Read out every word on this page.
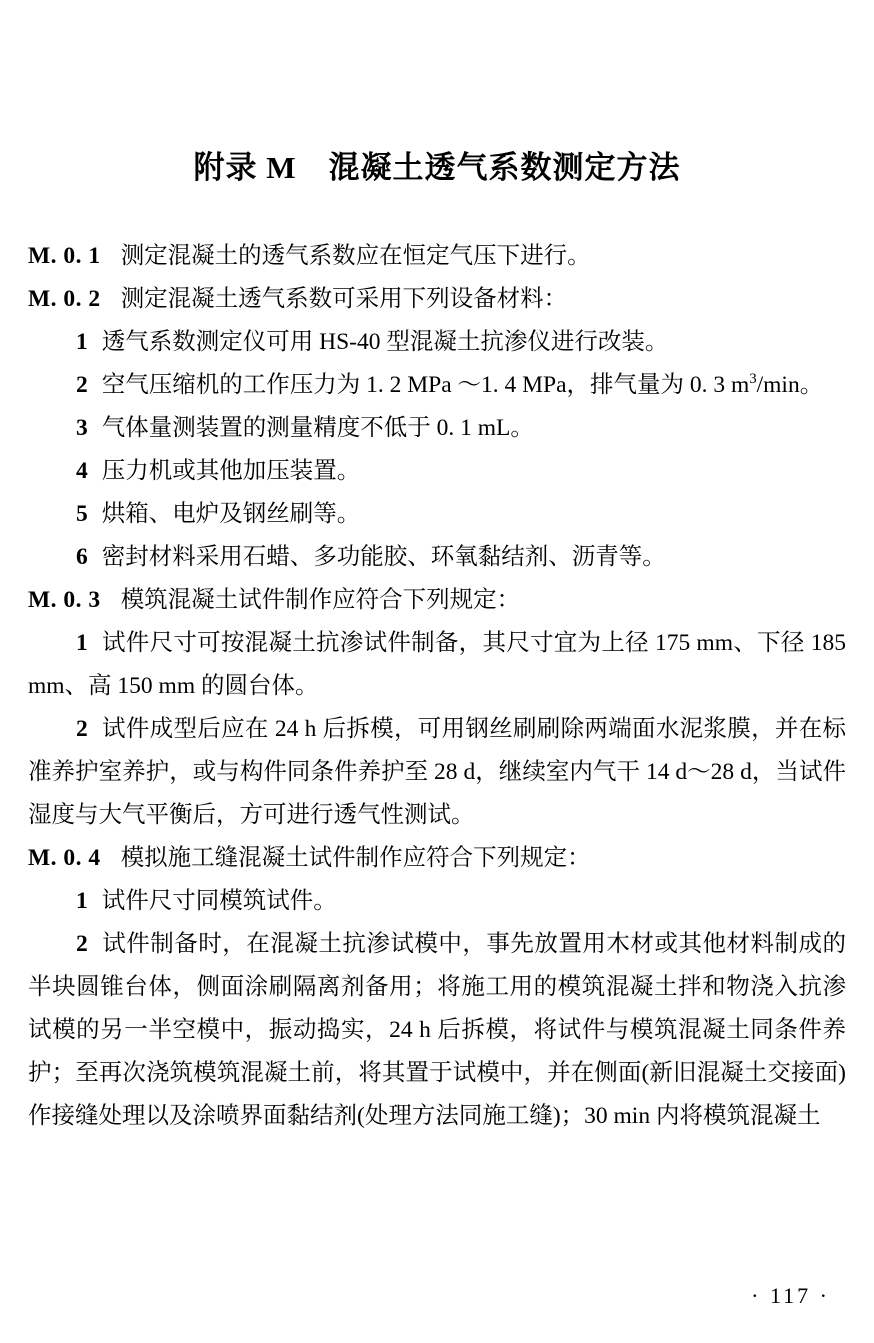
附录 M　混凝土透气系数测定方法

M. 0. 1 测定混凝土的透气系数应在恒定气压下进行。

M. 0. 2 测定混凝土透气系数可采用下列设备材料：

1 透气系数测定仪可用 HS-40 型混凝土抗渗仪进行改装。

2 空气压缩机的工作压力为 1. 2 MPa ～1. 4 MPa，排气量为 0. 3 $m^3/\min$。

3 气体量测装置的测量精度不低于 0. 1 mL。

4 压力机或其他加压装置。

5 烘箱、电炉及钢丝刷等。

6 密封材料采用石蜡、多功能胶、环氧黏结剂、沥青等。

M. 0. 3 模筑混凝土试件制作应符合下列规定：

1 试件尺寸可按混凝土抗渗试件制备，其尺寸宜为上径 175 mm、下径 185 mm、高 150 mm 的圆台体。

2 试件成型后应在 24 h 后拆模，可用钢丝刷刷除两端面水泥浆膜，并在标准养护室养护，或与构件同条件养护至 28 d，继续室内气干 14 d～28 d，当试件湿度与大气平衡后，方可进行透气性测试。

M. 0. 4 模拟施工缝混凝土试件制作应符合下列规定：

1 试件尺寸同模筑试件。

2 试件制备时，在混凝土抗渗试模中，事先放置用木材或其他材料制成的半块圆锥台体，侧面涂刷隔离剂备用；将施工用的模筑混凝土拌和物浇入抗渗试模的另一半空模中，振动捣实，24 h 后拆模，将试件与模筑混凝土同条件养护；至再次浇筑模筑混凝土前，将其置于试模中，并在侧面(新旧混凝土交接面)作接缝处理以及涂喷界面黏结剂(处理方法同施工缝)；30 min 内将模筑混凝土

· 117 ·
